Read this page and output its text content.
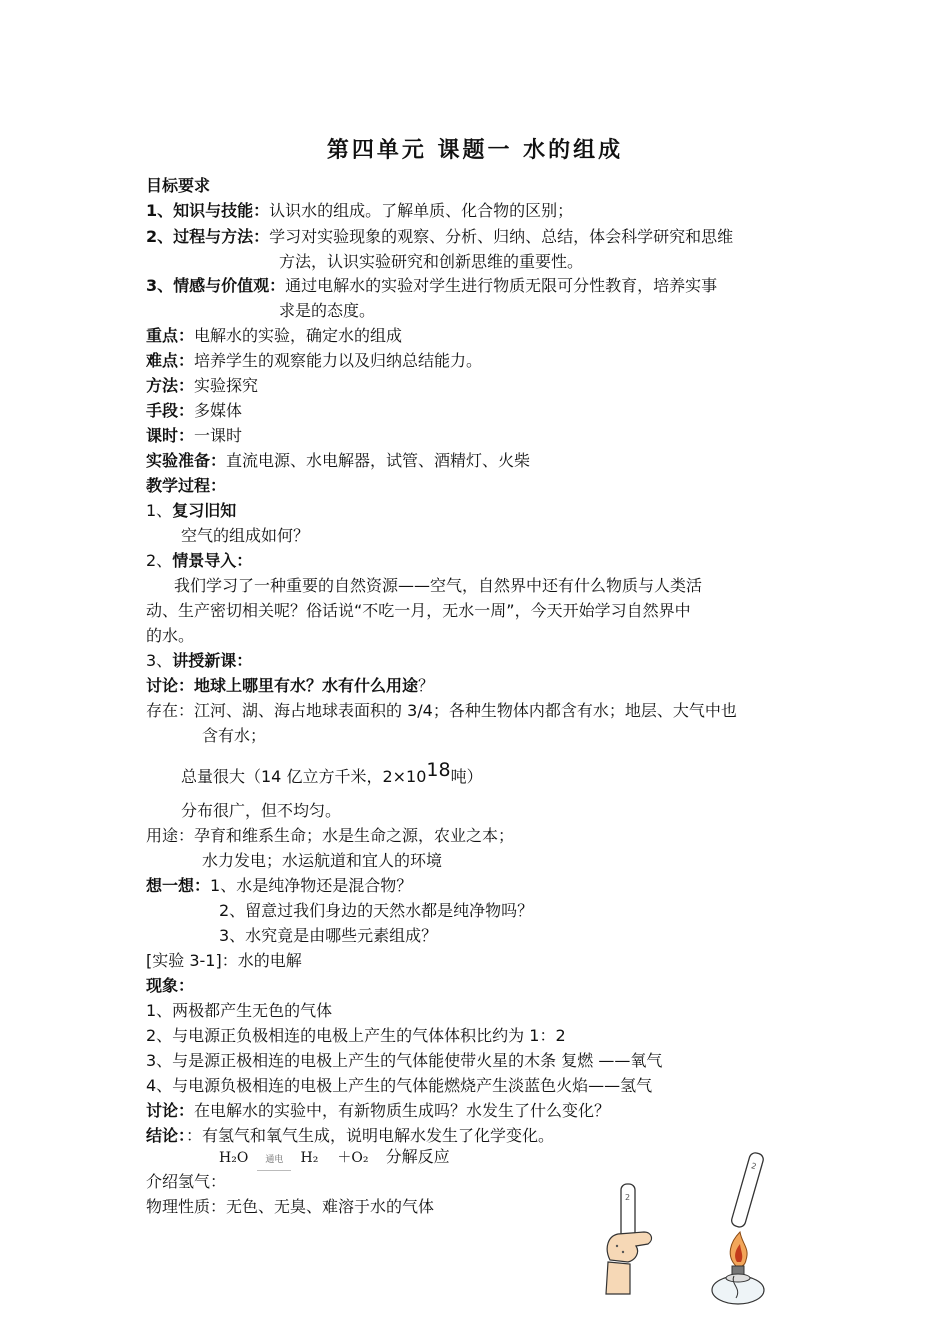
第四单元 课题一 水的组成
目标要求
1、知识与技能：认识水的组成。了解单质、化合物的区别；
2、过程与方法：学习对实验现象的观察、分析、归纳、总结，体会科学研究和思维
方法，认识实验研究和创新思维的重要性。
3、情感与价值观：通过电解水的实验对学生进行物质无限可分性教育，培养实事
求是的态度。
重点：电解水的实验，确定水的组成
难点：培养学生的观察能力以及归纳总结能力。
方法：实验探究
手段：多媒体
课时：一课时
实验准备：直流电源、水电解器，试管、酒精灯、火柴
教学过程：
1、复习旧知
空气的组成如何？
2、情景导入：
我们学习了一种重要的自然资源——空气，自然界中还有什么物质与人类活
动、生产密切相关呢？俗话说“不吃一月，无水一周”，今天开始学习自然界中
的水。
3、讲授新课：
讨论：地球上哪里有水？水有什么用途？
存在：江河、湖、海占地球表面积的 3/4；各种生物体内都含有水；地层、大气中也
含有水；
总量很大（14 亿立方千米，2×1018吨）
分布很广，但不均匀。
用途：孕育和维系生命；水是生命之源，农业之本；
水力发电；水运航道和宜人的环境
想一想：1、水是纯净物还是混合物？
2、留意过我们身边的天然水都是纯净物吗？
3、水究竟是由哪些元素组成？
[实验 3-1]：水的电解
现象：
1、两极都产生无色的气体
2、与电源正负极相连的电极上产生的气体体积比约为 1：2
3、与是源正极相连的电极上产生的气体能使带火星的木条 复燃 ——氧气
4、与电源负极相连的电极上产生的气体能燃烧产生淡蓝色火焰——氢气
讨论：在电解水的实验中，有新物质生成吗？水发生了什么变化？
结论：：有氢气和氧气生成，说明电解水发生了化学变化。
H₂O 通电 H₂ ＋O₂ 分解反应
介绍氢气：
物理性质：无色、无臭、难溶于水的气体	2
2
